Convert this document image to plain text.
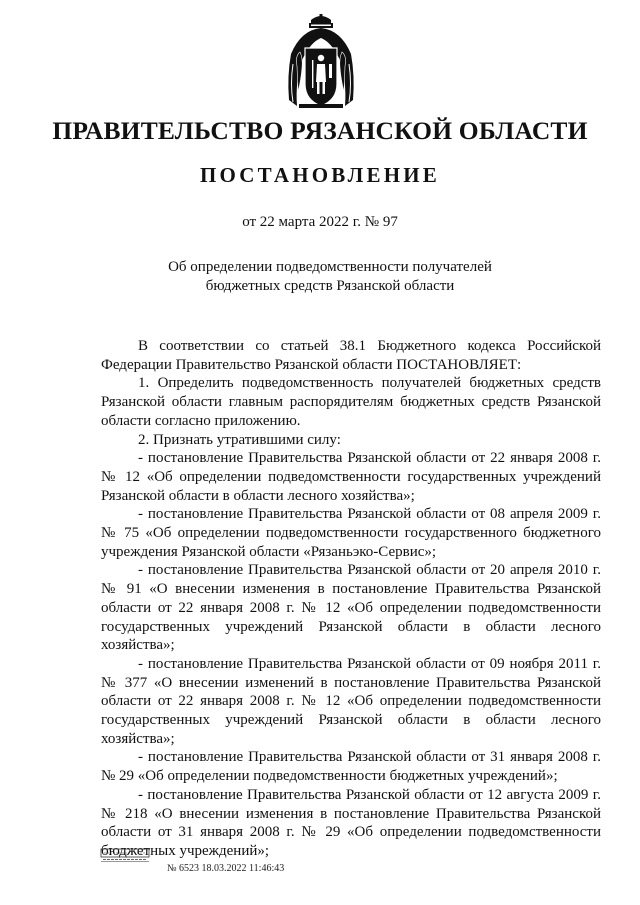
ПРАВИТЕЛЬСТВО РЯЗАНСКОЙ ОБЛАСТИ
ПОСТАНОВЛЕНИЕ
от 22 марта 2022 г. № 97
Об определении подведомственности получателей
бюджетных средств Рязанской области

В соответствии со статьей 38.1 Бюджетного кодекса Российской Федерации Правительство Рязанской области ПОСТАНОВЛЯЕТ:

1. Определить подведомственность получателей бюджетных средств Рязанской области главным распорядителям бюджетных средств Рязанской области согласно приложению.

2. Признать утратившими силу:

- постановление Правительства Рязанской области от 22 января 2008 г. № 12 «Об определении подведомственности государственных учреждений Рязанской области в области лесного хозяйства»;

- постановление Правительства Рязанской области от 08 апреля 2009 г. № 75 «Об определении подведомственности государственного бюджетного учреждения Рязанской области «Рязаньэко-Сервис»;

- постановление Правительства Рязанской области от 20 апреля 2010 г. № 91 «О внесении изменения в постановление Правительства Рязанской области от 22 января 2008 г. № 12 «Об определении подведомственности государственных учреждений Рязанской области в области лесного хозяйства»;

- постановление Правительства Рязанской области от 09 ноября 2011 г. № 377 «О внесении изменений в постановление Правительства Рязанской области от 22 января 2008 г. № 12 «Об определении подведомственности государственных учреждений Рязанской области в области лесного хозяйства»;

- постановление Правительства Рязанской области от 31 января 2008 г. № 29 «Об определении подведомственности бюджетных учреждений»;

- постановление Правительства Рязанской области от 12 августа 2009 г. № 218 «О внесении изменения в постановление Правительства Рязанской области от 31 января 2008 г. № 29 «Об определении подведомственности бюджетных учреждений»;

№ 6523 18.03.2022 11:46:43
